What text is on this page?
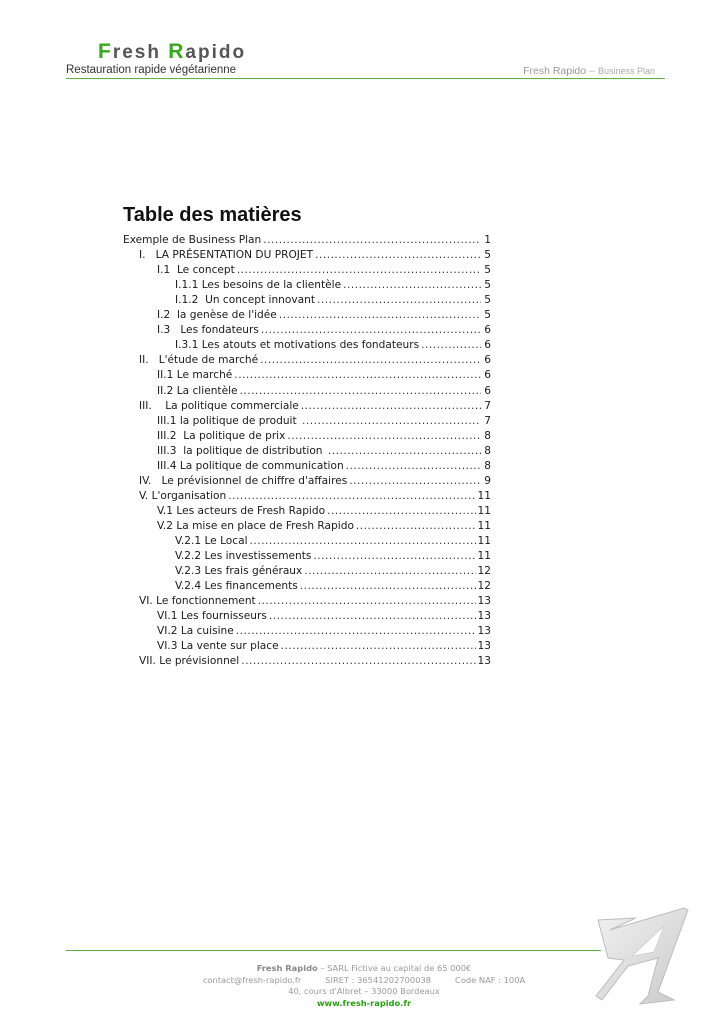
Fresh Rapido
Restauration rapide végétarienne	Fresh Rapido – Business Plan
Table des matières
Exemple de Business Plan .....	1
I.   LA PRÉSENTATION DU PROJET .....	5
I.1  Le concept .....	5
I.1.1 Les besoins de la clientèle .....	5
I.1.2  Un concept innovant .....	5
I.2  la genèse de l'idée .....	5
I.3   Les fondateurs .....	6
I.3.1 Les atouts et motivations des fondateurs .....	6
II.   L'étude de marché .....	6
II.1 Le marché .....	6
II.2 La clientèle .....	6
III.    La politique commerciale .....	7
III.1 la politique de produit .....	7
III.2  La politique de prix .....	8
III.3  la politique de distribution .....	8
III.4 La politique de communication .....	8
IV.   Le prévisionnel de chiffre d'affaires .....	9
V. L'organisation .....	11
V.1 Les acteurs de Fresh Rapido .....	11
V.2 La mise en place de Fresh Rapido .....	11
V.2.1 Le Local .....	11
V.2.2 Les investissements .....	11
V.2.3 Les frais généraux .....	12
V.2.4 Les financements .....	12
VI. Le fonctionnement .....	13
VI.1 Les fournisseurs .....	13
VI.2 La cuisine .....	13
VI.3 La vente sur place .....	13
VII. Le prévisionnel .....	13
Fresh Rapido – SARL Fictive au capital de 65 000€
contact@fresh-rapido.fr	SIRET : 36541202700038	Code NAF : 100A
40, cours d'Albret – 33000 Bordeaux
www.fresh-rapido.fr
